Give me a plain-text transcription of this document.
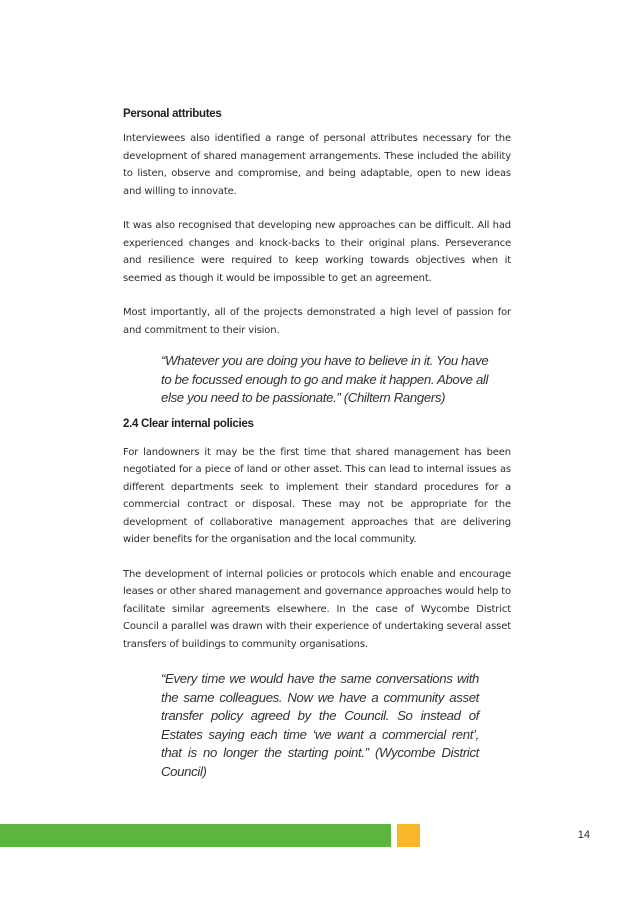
Personal attributes

Interviewees also identified a range of personal attributes necessary for the development of shared management arrangements. These included the ability to listen, observe and compromise, and being adaptable, open to new ideas and willing to innovate.

It was also recognised that developing new approaches can be difficult. All had experienced changes and knock-backs to their original plans. Perseverance and resilience were required to keep working towards objectives when it seemed as though it would be impossible to get an agreement.

Most importantly, all of the projects demonstrated a high level of passion for and commitment to their vision.

“Whatever you are doing you have to believe in it. You have to be focussed enough to go and make it happen. Above all else you need to be passionate.” (Chiltern Rangers)

2.4 Clear internal policies

For landowners it may be the first time that shared management has been negotiated for a piece of land or other asset. This can lead to internal issues as different departments seek to implement their standard procedures for a commercial contract or disposal. These may not be appropriate for the development of collaborative management approaches that are delivering wider benefits for the organisation and the local community.

The development of internal policies or protocols which enable and encourage leases or other shared management and governance approaches would help to facilitate similar agreements elsewhere. In the case of Wycombe District Council a parallel was drawn with their experience of undertaking several asset transfers of buildings to community organisations.

“Every time we would have the same conversations with the same colleagues. Now we have a community asset transfer policy agreed by the Council. So instead of Estates saying each time ‘we want a commercial rent’, that is no longer the starting point.” (Wycombe District Council)

14
